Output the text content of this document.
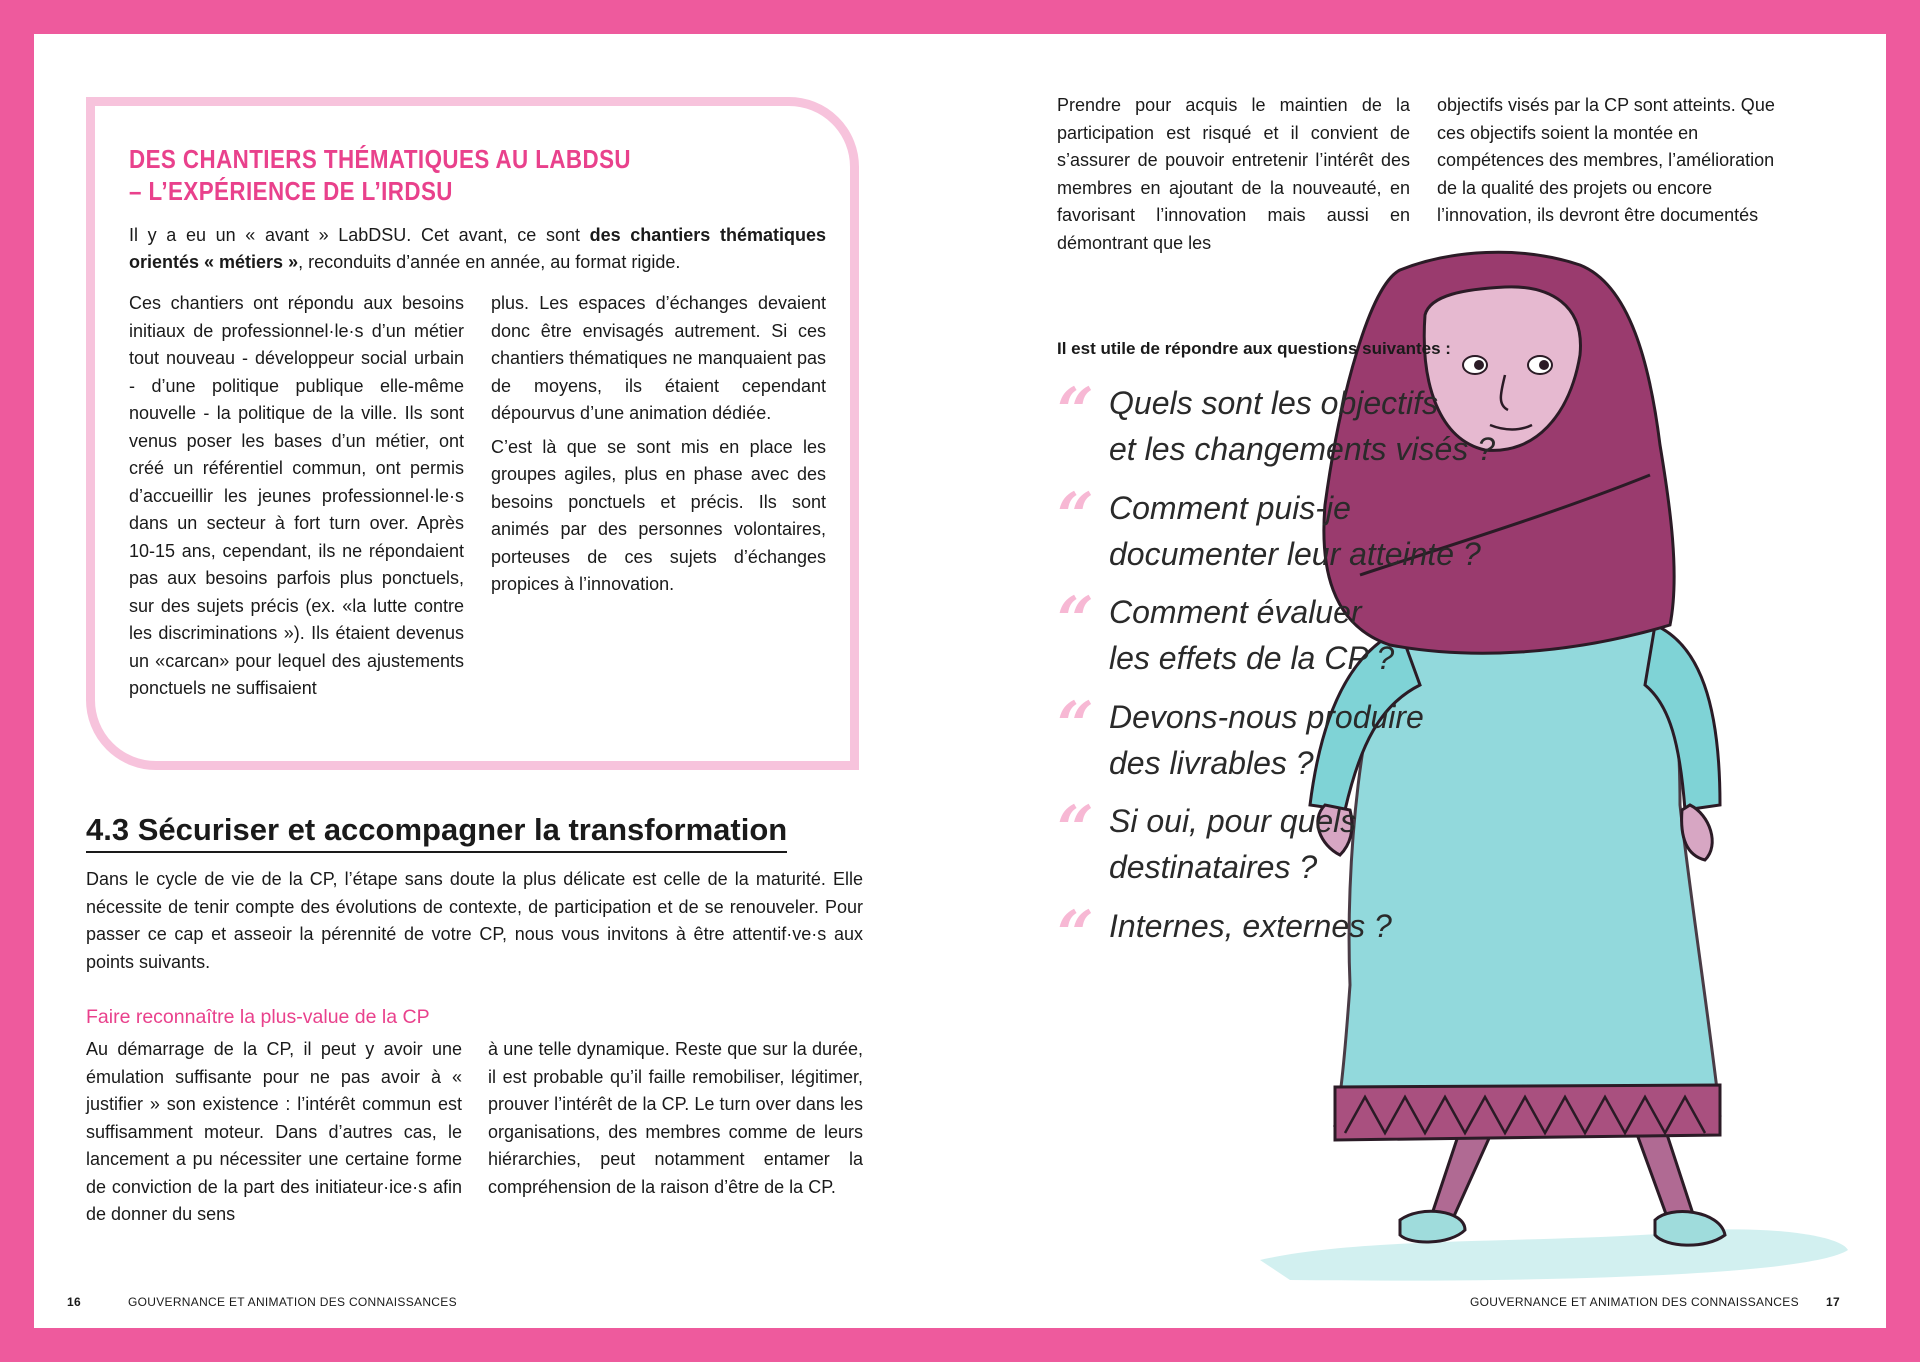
DES CHANTIERS THÉMATIQUES AU LABDSU
– L’EXPÉRIENCE DE L’IRDSU
Il y a eu un « avant » LabDSU. Cet avant, ce sont des chantiers thématiques orientés « métiers », reconduits d’année en année, au format rigide.

Ces chantiers ont répondu aux besoins initiaux de professionnel·le·s d’un métier tout nouveau - développeur social urbain - d’une politique publique elle-même nouvelle - la politique de la ville. Ils sont venus poser les bases d’un métier, ont créé un référentiel commun, ont permis d’accueillir les jeunes professionnel·le·s dans un secteur à fort turn over. Après 10-15 ans, cependant, ils ne répondaient pas aux besoins parfois plus ponctuels, sur des sujets précis (ex. «la lutte contre les discriminations »). Ils étaient devenus un «carcan» pour lequel des ajustements ponctuels ne suffisaient

plus. Les espaces d’échanges devaient donc être envisagés autrement. Si ces chantiers thématiques ne manquaient pas de moyens, ils étaient cependant dépourvus d’une animation dédiée.

C’est là que se sont mis en place les groupes agiles, plus en phase avec des besoins ponctuels et précis. Ils sont animés par des personnes volontaires, porteuses de ces sujets d’échanges propices à l’innovation.

4.3 Sécuriser et accompagner la transformation
Dans le cycle de vie de la CP, l’étape sans doute la plus délicate est celle de la maturité. Elle nécessite de tenir compte des évolutions de contexte, de participation et de se renouveler. Pour passer ce cap et asseoir la pérennité de votre CP, nous vous invitons à être attentif·ve·s aux points suivants.
Faire reconnaître la plus-value de la CP
Au démarrage de la CP, il peut y avoir une émulation suffisante pour ne pas avoir à « justifier » son existence : l’intérêt commun est suffisamment moteur. Dans d’autres cas, le lancement a pu nécessiter une certaine forme de conviction de la part des initiateur·ice·s afin de donner du sens
à une telle dynamique. Reste que sur la durée, il est probable qu’il faille remobiliser, légitimer, prouver l’intérêt de la CP. Le turn over dans les organisations, des membres comme de leurs hiérarchies, peut notamment entamer la compréhension de la raison d’être de la CP.
16	GOUVERNANCE ET ANIMATION DES CONNAISSANCES
Prendre pour acquis le maintien de la participation est risqué et il convient de s’assurer de pouvoir entretenir l’intérêt des membres en ajoutant de la nouveauté, en favorisant l’innovation mais aussi en démontrant que les
objectifs visés par la CP sont atteints. Que ces objectifs soient la montée en compétences des membres, l’amélioration de la qualité des projets ou encore l’innovation, ils devront être documentés
Il est utile de répondre aux questions suivantes :
“ Quels sont les objectifs
et les changements visés ?
“ Comment puis-je
documenter leur atteinte ?
“ Comment évaluer
les effets de la CP ?
“ Devons-nous produire
des livrables ?
“ Si oui, pour quels
destinataires ?
“ Internes, externes ?
GOUVERNANCE ET ANIMATION DES CONNAISSANCES 17
